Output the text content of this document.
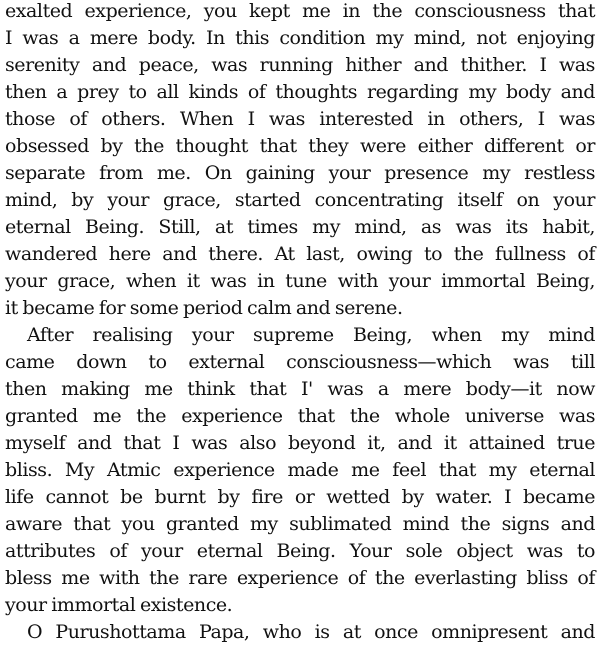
exalted experience, you kept me in the consciousness that
I was a mere body. In this condition my mind, not enjoying
serenity and peace, was running hither and thither. I was
then a prey to all kinds of thoughts regarding my body and
those of others. When I was interested in others, I was
obsessed by the thought that they were either different or
separate from me. On gaining your presence my restless
mind, by your grace, started concentrating itself on your
eternal Being. Still, at times my mind, as was its habit,
wandered here and there. At last, owing to the fullness of
your grace, when it was in tune with your immortal Being,
it became for some period calm and serene.
After realising your supreme Being, when my mind
came down to external consciousness—which was till
then making me think that I' was a mere body—it now
granted me the experience that the whole universe was
myself and that I was also beyond it, and it attained true
bliss. My Atmic experience made me feel that my eternal
life cannot be burnt by fire or wetted by water. I became
aware that you granted my sublimated mind the signs and
attributes of your eternal Being. Your sole object was to
bless me with the rare experience of the everlasting bliss of
your immortal existence.
O Purushottama Papa, who is at once omnipresent and
